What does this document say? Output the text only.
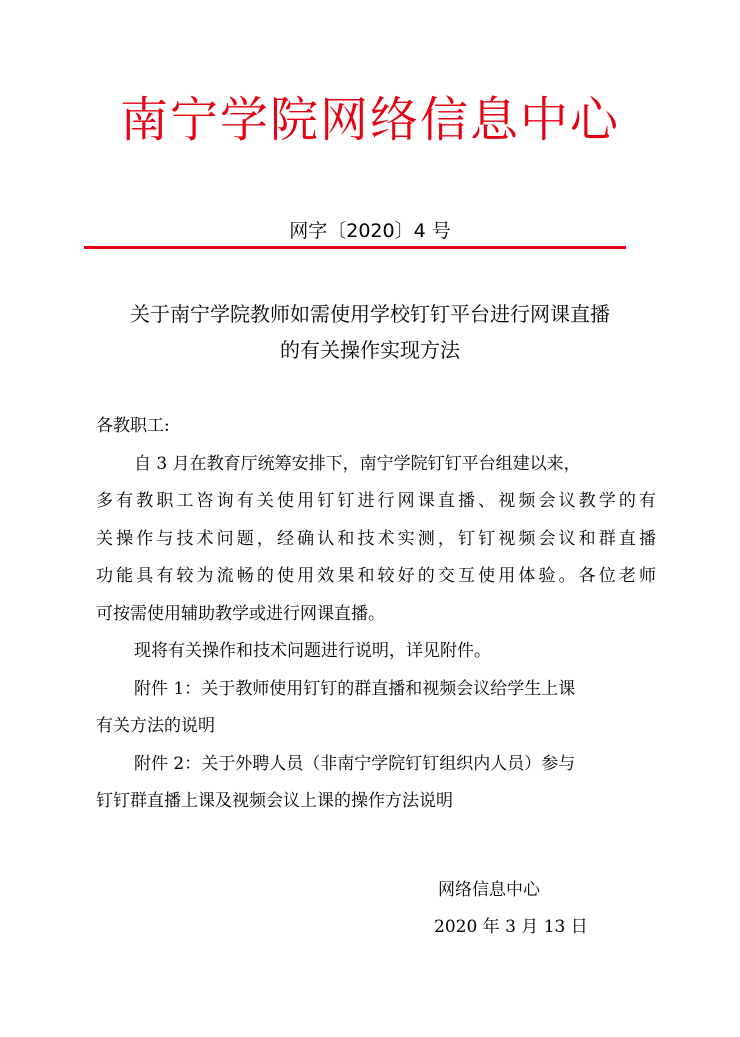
南宁学院网络信息中心
网字〔2020〕4 号
关于南宁学院教师如需使用学校钉钉平台进行网课直播
的有关操作实现方法
各教职工:
自 3 月在教育厅统筹安排下，南宁学院钉钉平台组建以来，
多有教职工咨询有关使用钉钉进行网课直播、视频会议教学的有
关操作与技术问题，经确认和技术实测，钉钉视频会议和群直播
功能具有较为流畅的使用效果和较好的交互使用体验。各位老师
可按需使用辅助教学或进行网课直播。
现将有关操作和技术问题进行说明，详见附件。
附件 1：关于教师使用钉钉的群直播和视频会议给学生上课
有关方法的说明
附件 2：关于外聘人员（非南宁学院钉钉组织内人员）参与
钉钉群直播上课及视频会议上课的操作方法说明
网络信息中心
2020 年 3 月 13 日
